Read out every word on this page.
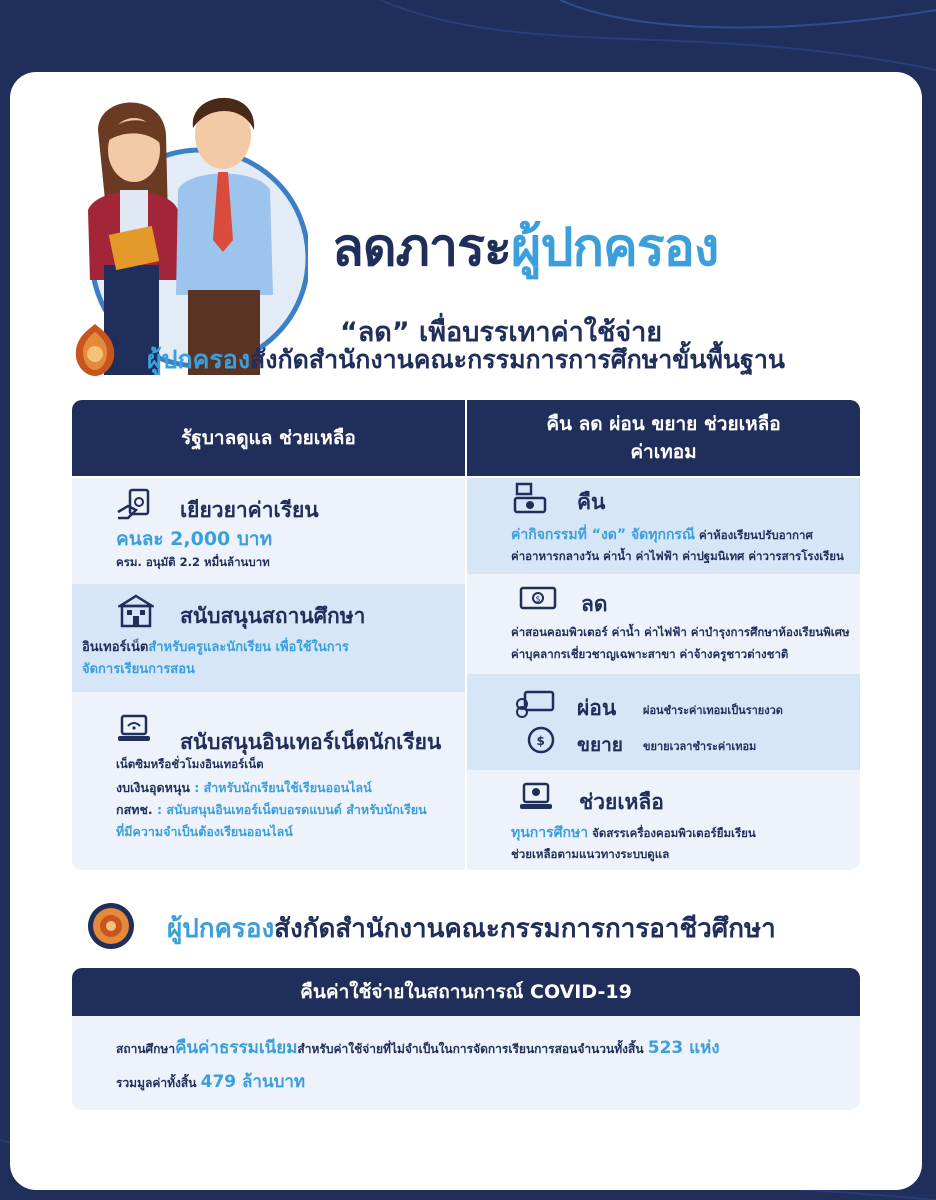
ลดภาระผู้ปกครอง

“ลด” เพื่อบรรเทาค่าใช้จ่าย

ผู้ปกครองสังกัดสำนักงานคณะกรรมการการศึกษาขั้นพื้นฐาน
รัฐบาลดูแล ช่วยเหลือ
คืน ลด ผ่อน ขยาย ช่วยเหลือ
ค่าเทอม
เยียวยาค่าเรียน
คนละ 2,000 บาท
ครม. อนุมัติ 2.2 หมื่นล้านบาท
สนับสนุนสถานศึกษา
อินเทอร์เน็ตสำหรับครูและนักเรียน เพื่อใช้ในการ
จัดการเรียนการสอน
สนับสนุนอินเทอร์เน็ตนักเรียน
เน็ตซิมหรือชั่วโมงอินเทอร์เน็ต
งบเงินอุดหนุน : สำหรับนักเรียนใช้เรียนออนไลน์
กสทช. : สนับสนุนอินเทอร์เน็ตบอรดแบนด์ สำหรับนักเรียน
ที่มีความจำเป็นต้องเรียนออนไลน์
คืน
ค่ากิจกรรมที่ “งด” จัดทุกกรณี ค่าห้องเรียนปรับอากาศ
ค่าอาหารกลางวัน ค่าน้ำ ค่าไฟฟ้า ค่าปฐมนิเทศ ค่าวารสารโรงเรียน
$ ลด
ค่าสอนคอมพิวเตอร์ ค่าน้ำ ค่าไฟฟ้า ค่าบำรุงการศึกษาห้องเรียนพิเศษ
ค่าบุคลากรเชี่ยวชาญเฉพาะสาขา ค่าจ้างครูชาวต่างชาติ
ผ่อน ผ่อนชำระค่าเทอมเป็นรายงวด
$ ขยาย ขยายเวลาชำระค่าเทอม
ช่วยเหลือ
ทุนการศึกษา จัดสรรเครื่องคอมพิวเตอร์ยืมเรียน
ช่วยเหลือตามแนวทางระบบดูแล
ผู้ปกครองสังกัดสำนักงานคณะกรรมการการอาชีวศึกษา
คืนค่าใช้จ่ายในสถานการณ์ COVID-19
สถานศึกษาคืนค่าธรรมเนียมสำหรับค่าใช้จ่ายที่ไม่จำเป็นในการจัดการเรียนการสอนจำนวนทั้งสิ้น 523 แห่ง
รวมมูลค่าทั้งสิ้น 479 ล้านบาท
